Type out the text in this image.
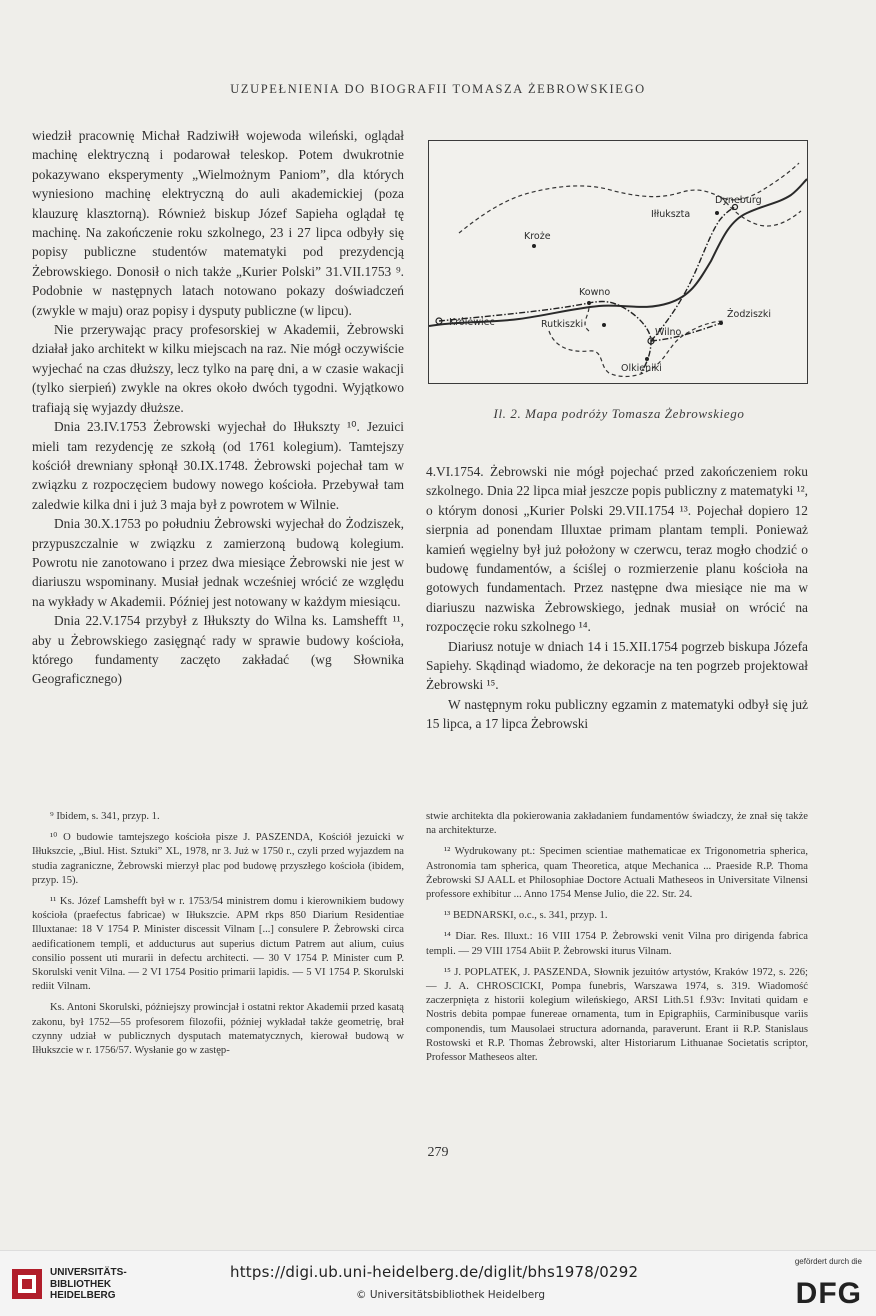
UZUPEŁNIENIA DO BIOGRAFII TOMASZA ŻEBROWSKIEGO

wiedził pracownię Michał Radziwiłł wojewoda wileński, oglądał machinę elektryczną i podarował teleskop. Potem dwukrotnie pokazywano eksperymenty „Wielmożnym Paniom”, dla których wyniesiono machinę elektryczną do auli akademickiej (poza klauzurę klasztorną). Również biskup Józef Sapieha oglądał tę machinę. Na zakończenie roku szkolnego, 23 i 27 lipca odbyły się popisy publiczne studentów matematyki pod prezydencją Żebrowskiego. Donosił o nich także „Kurier Polski” 31.VII.1753 ⁹. Podobnie w następnych latach notowano pokazy doświadczeń (zwykle w maju) oraz popisy i dysputy publiczne (w lipcu).

Nie przerywając pracy profesorskiej w Akademii, Żebrowski działał jako architekt w kilku miejscach na raz. Nie mógł oczywiście wyjechać na czas dłuższy, lecz tylko na parę dni, a w czasie wakacji (tylko sierpień) zwykle na okres około dwóch tygodni. Wyjątkowo trafiają się wyjazdy dłuższe.

Dnia 23.IV.1753 Żebrowski wyjechał do Iłłukszty ¹⁰. Jezuici mieli tam rezydencję ze szkołą (od 1761 kolegium). Tamtejszy kościół drewniany spłonął 30.IX.1748. Żebrowski pojechał tam w związku z rozpoczęciem budowy nowego kościoła. Przebywał tam zaledwie kilka dni i już 3 maja był z powrotem w Wilnie.

Dnia 30.X.1753 po południu Żebrowski wyjechał do Żodziszek, przypuszczalnie w związku z zamierzoną budową kolegium. Powrotu nie zanotowano i przez dwa miesiące Żebrowski nie jest w diariuszu wspominany. Musiał jednak wcześniej wrócić ze względu na wykłady w Akademii. Później jest notowany w każdym miesiącu.

Dnia 22.V.1754 przybył z Iłłukszty do Wilna ks. Lamshefft ¹¹, aby u Żebrowskiego zasięgnąć rady w sprawie budowy kościoła, którego fundamenty zaczęto zakładać (wg Słownika Geograficznego)

Dyneburg
Iłłukszta
Kroże
Kowno
Królewiec	Rutkiszki
Wilno
Olkieniki
Żodziszki
Il. 2. Mapa podróży Tomasza Żebrowskiego

4.VI.1754. Żebrowski nie mógł pojechać przed zakończeniem roku szkolnego. Dnia 22 lipca miał jeszcze popis publiczny z matematyki ¹², o którym donosi „Kurier Polski 29.VII.1754 ¹³. Pojechał dopiero 12 sierpnia ad ponendam Illuxtae primam plantam templi. Ponieważ kamień węgielny był już położony w czerwcu, teraz mogło chodzić o budowę fundamentów, a ściślej o rozmierzenie planu kościoła na gotowych fundamentach. Przez następne dwa miesiące nie ma w diariuszu nazwiska Żebrowskiego, jednak musiał on wrócić na rozpoczęcie roku szkolnego ¹⁴.

Diariusz notuje w dniach 14 i 15.XII.1754 pogrzeb biskupa Józefa Sapiehy. Skądinąd wiadomo, że dekoracje na ten pogrzeb projektował Żebrowski ¹⁵.

W następnym roku publiczny egzamin z matematyki odbył się już 15 lipca, a 17 lipca Żebrowski

⁹ Ibidem, s. 341, przyp. 1.

¹⁰ O budowie tamtejszego kościoła pisze J. PASZENDA, Kościół jezuicki w Iłłukszcie, „Biul. Hist. Sztuki” XL, 1978, nr 3. Już w 1750 r., czyli przed wyjazdem na studia zagraniczne, Żebrowski mierzył plac pod budowę przyszłego kościoła (ibidem, przyp. 15).

¹¹ Ks. Józef Lamshefft był w r. 1753/54 ministrem domu i kierownikiem budowy kościoła (praefectus fabricae) w Iłłukszcie. APM rkps 850 Diarium Residentiae Illuxtanae: 18 V 1754 P. Minister discessit Vilnam [...] consulere P. Żebrowski circa aedificationem templi, et adducturus aut superius dictum Patrem aut alium, cuius consilio possent uti murarii in defectu architecti. — 30 V 1754 P. Minister cum P. Skorulski venit Vilna. — 2 VI 1754 Positio primarii lapidis. — 5 VI 1754 P. Skorulski rediit Vilnam.

Ks. Antoni Skorulski, późniejszy prowincjał i ostatni rektor Akademii przed kasatą zakonu, był 1752—55 profesorem filozofii, później wykładał także geometrię, brał czynny udział w publicznych dysputach matematycznych, kierował budową w Iłłukszcie w r. 1756/57. Wysłanie go w zastęp-

stwie architekta dla pokierowania zakładaniem fundamentów świadczy, że znał się także na architekturze.

¹² Wydrukowany pt.: Specimen scientiae mathematicae ex Trigonometria spherica, Astronomia tam spherica, quam Theoretica, atque Mechanica ... Praeside R.P. Thoma Żebrowski SJ AALL et Philosophiae Doctore Actuali Matheseos in Universitate Vilnensi professore exhibitur ... Anno 1754 Mense Julio, die 22. Str. 24.

¹³ BEDNARSKI, o.c., s. 341, przyp. 1.

¹⁴ Diar. Res. Illuxt.: 16 VIII 1754 P. Żebrowski venit Vilna pro dirigenda fabrica templi. — 29 VIII 1754 Abiit P. Żebrowski iturus Vilnam.

¹⁵ J. POPLATEK, J. PASZENDA, Słownik jezuitów artystów, Kraków 1972, s. 226; — J. A. CHROSCICKI, Pompa funebris, Warszawa 1974, s. 319. Wiadomość zaczerpnięta z historii kolegium wileńskiego, ARSI Lith.51 f.93v: Invitati quidam e Nostris debita pompae funereae ornamenta, tum in Epigraphiis, Carminibusque variis componendis, tum Mausolaei structura adornanda, paraverunt. Erant ii R.P. Stanislaus Rostowski et R.P. Thomas Żebrowski, alter Historiarum Lithuanae Societatis scriptor, Professor Matheseos alter.

279
UNIVERSITÄTS-
BIBLIOTHEK
HEIDELBERG
https://digi.ub.uni-heidelberg.de/diglit/bhs1978/0292
© Universitätsbibliothek Heidelberg
gefördert durch die
DFG
